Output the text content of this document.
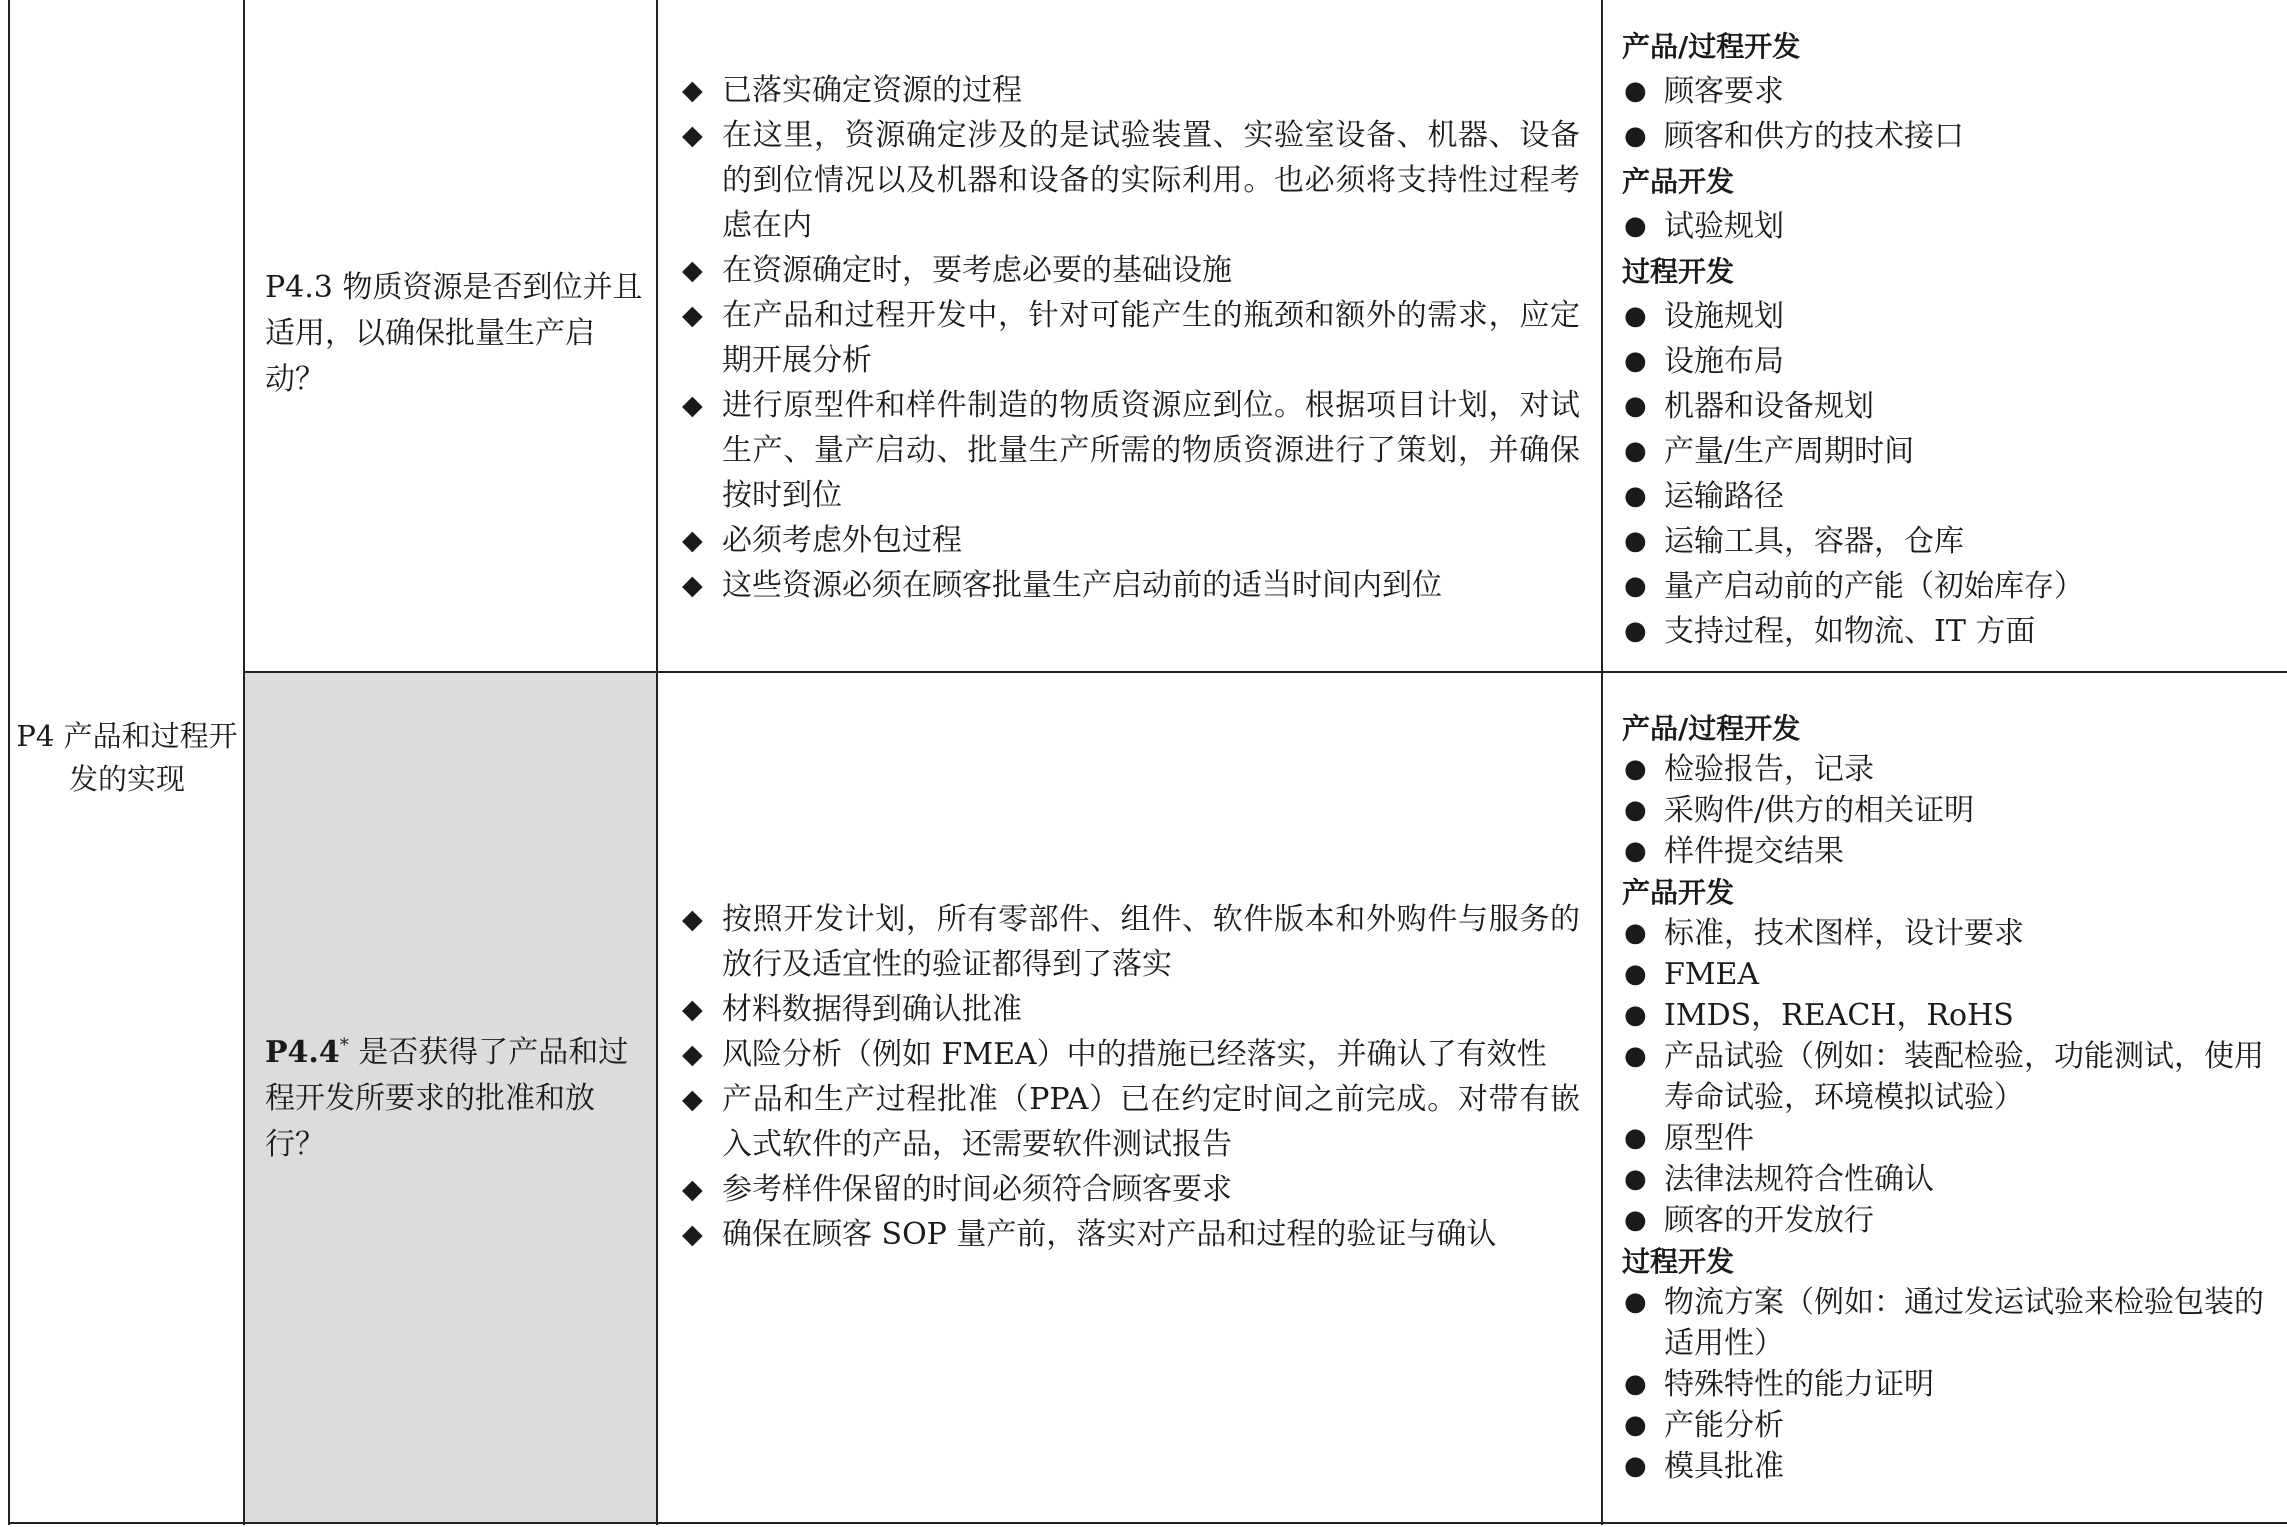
P4 产品和过程开发的实现
P4.3 物质资源是否到位并且适用，以确保批量生产启动？
◆ 已落实确定资源的过程
◆ 在这里，资源确定涉及的是试验装置、实验室设备、机器、设备的到位情况以及机器和设备的实际利用。也必须将支持性过程考虑在内
◆ 在资源确定时，要考虑必要的基础设施
◆ 在产品和过程开发中，针对可能产生的瓶颈和额外的需求，应定期开展分析
◆ 进行原型件和样件制造的物质资源应到位。根据项目计划，对试生产、量产启动、批量生产所需的物质资源进行了策划，并确保按时到位
◆ 必须考虑外包过程
◆ 这些资源必须在顾客批量生产启动前的适当时间内到位
产品/过程开发
● 顾客要求
● 顾客和供方的技术接口
产品开发
● 试验规划
过程开发
● 设施规划
● 设施布局
● 机器和设备规划
● 产量/生产周期时间
● 运输路径
● 运输工具，容器，仓库
● 量产启动前的产能（初始库存）
● 支持过程，如物流、IT 方面
P4.4* 是否获得了产品和过程开发所要求的批准和放行？
◆ 按照开发计划，所有零部件、组件、软件版本和外购件与服务的放行及适宜性的验证都得到了落实
◆ 材料数据得到确认批准
◆ 风险分析（例如 FMEA）中的措施已经落实，并确认了有效性
◆ 产品和生产过程批准（PPA）已在约定时间之前完成。对带有嵌入式软件的产品，还需要软件测试报告
◆ 参考样件保留的时间必须符合顾客要求
◆ 确保在顾客 SOP 量产前，落实对产品和过程的验证与确认
产品/过程开发
● 检验报告，记录
● 采购件/供方的相关证明
● 样件提交结果
产品开发
● 标准，技术图样，设计要求
● FMEA
● IMDS，REACH，RoHS
● 产品试验（例如：装配检验，功能测试，使用寿命试验，环境模拟试验）
● 原型件
● 法律法规符合性确认
● 顾客的开发放行
过程开发
● 物流方案（例如：通过发运试验来检验包装的适用性）
● 特殊特性的能力证明
● 产能分析
● 模具批准
